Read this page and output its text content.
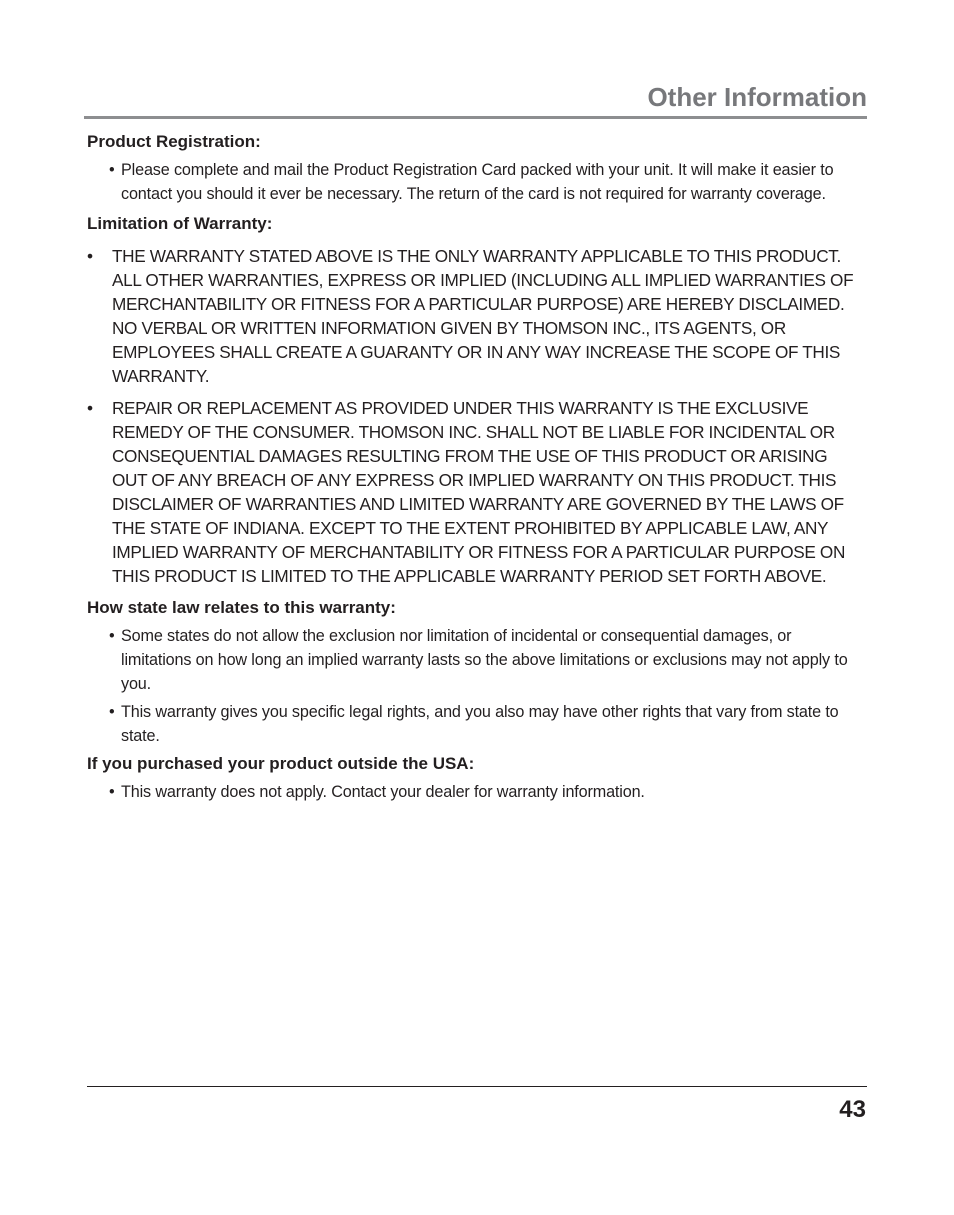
Other Information
Product Registration:
• Please complete and mail the Product Registration Card packed with your unit. It will make it easier to contact you should it ever be necessary. The return of the card is not required for warranty coverage.
Limitation of Warranty:
• THE WARRANTY STATED ABOVE IS THE ONLY WARRANTY APPLICABLE TO THIS PRODUCT. ALL OTHER WARRANTIES, EXPRESS OR IMPLIED (INCLUDING ALL IMPLIED WARRANTIES OF MERCHANTABILITY OR FITNESS FOR A PARTICULAR PURPOSE) ARE HEREBY DISCLAIMED. NO VERBAL OR WRITTEN INFORMATION GIVEN BY THOMSON INC., ITS AGENTS, OR EMPLOYEES SHALL CREATE A GUARANTY OR IN ANY WAY INCREASE THE SCOPE OF THIS WARRANTY.
• REPAIR OR REPLACEMENT AS PROVIDED UNDER THIS WARRANTY IS THE EXCLUSIVE REMEDY OF THE CONSUMER. THOMSON INC. SHALL NOT BE LIABLE FOR INCIDENTAL OR CONSEQUENTIAL DAMAGES RESULTING FROM THE USE OF THIS PRODUCT OR ARISING OUT OF ANY BREACH OF ANY EXPRESS OR IMPLIED WARRANTY ON THIS PRODUCT. THIS DISCLAIMER OF WARRANTIES AND LIMITED WARRANTY ARE GOVERNED BY THE LAWS OF THE STATE OF INDIANA. EXCEPT TO THE EXTENT PROHIBITED BY APPLICABLE LAW, ANY IMPLIED WARRANTY OF MERCHANTABILITY OR FITNESS FOR A PARTICULAR PURPOSE ON THIS PRODUCT IS LIMITED TO THE APPLICABLE WARRANTY PERIOD SET FORTH ABOVE.
How state law relates to this warranty:
• Some states do not allow the exclusion nor limitation of incidental or consequential damages, or limitations on how long an implied warranty lasts so the above limitations or exclusions may not apply to you.
• This warranty gives you specific legal rights, and you also may have other rights that vary from state to state.
If you purchased your product outside the USA:
• This warranty does not apply. Contact your dealer for warranty information.
43
